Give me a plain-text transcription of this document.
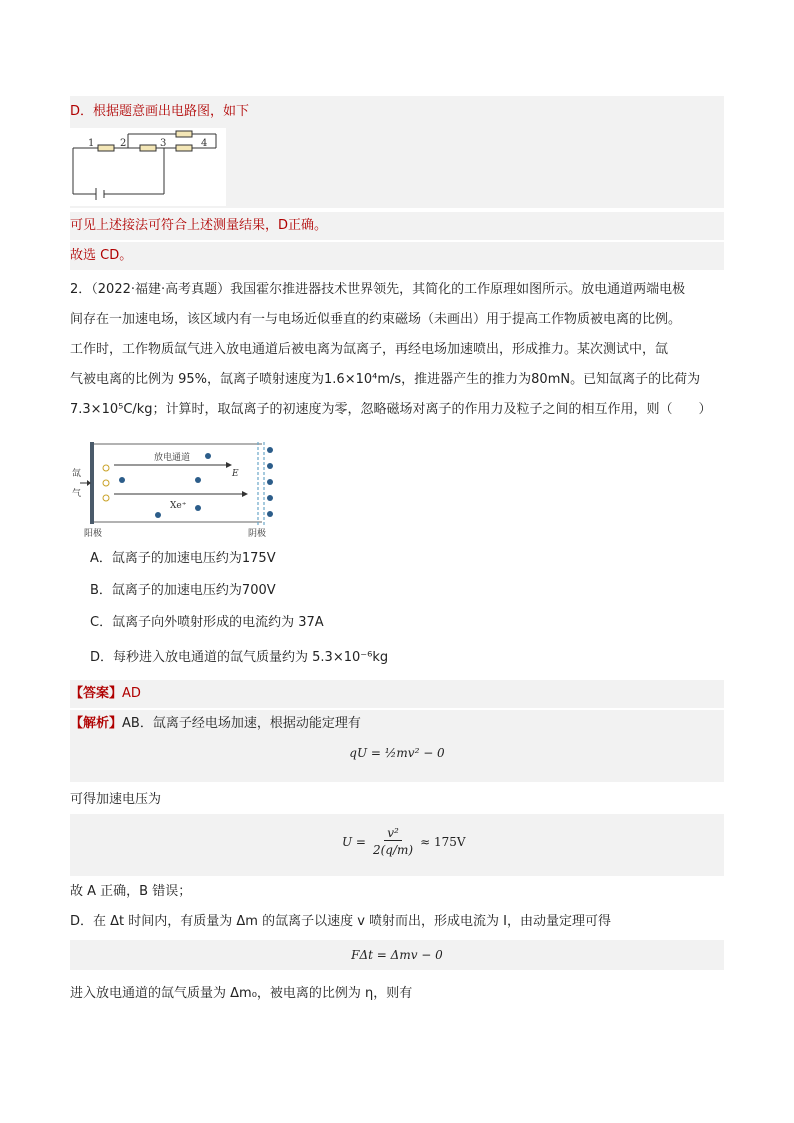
D．根据题意画出电路图，如下
1	2	3	4
可见上述接法可符合上述测量结果，D正确。
故选 CD。
2．（2022·福建·高考真题）我国霍尔推进器技术世界领先，其简化的工作原理如图所示。放电通道两端电极
间存在一加速电场，该区域内有一与电场近似垂直的约束磁场（未画出）用于提高工作物质被电离的比例。
工作时，工作物质氙气进入放电通道后被电离为氙离子，再经电场加速喷出，形成推力。某次测试中，氙
气被电离的比例为 95%，氙离子喷射速度为1.6×10⁴m/s，推进器产生的推力为80mN。已知氙离子的比荷为
7.3×10⁵C/kg；计算时，取氙离子的初速度为零，忽略磁场对离子的作用力及粒子之间的相互作用，则（　　）
氙
气
放电通道
E
Xe⁺
阳极	阴极
A．氙离子的加速电压约为175V
B．氙离子的加速电压约为700V
C．氙离子向外喷射形成的电流约为 37A
D．每秒进入放电通道的氙气质量约为 5.3×10⁻⁶kg
【答案】AD
【解析】AB．氙离子经电场加速，根据动能定理有
qU = ½mv² − 0
可得加速电压为
$U = \frac{\text{v²}}{2(q/m)} \approx 175V$
故 A 正确，B 错误；
D．在 Δt 时间内，有质量为 Δm 的氙离子以速度 v 喷射而出，形成电流为 I，由动量定理可得
FΔt = Δmv − 0
进入放电通道的氙气质量为 Δm₀，被电离的比例为 η，则有
